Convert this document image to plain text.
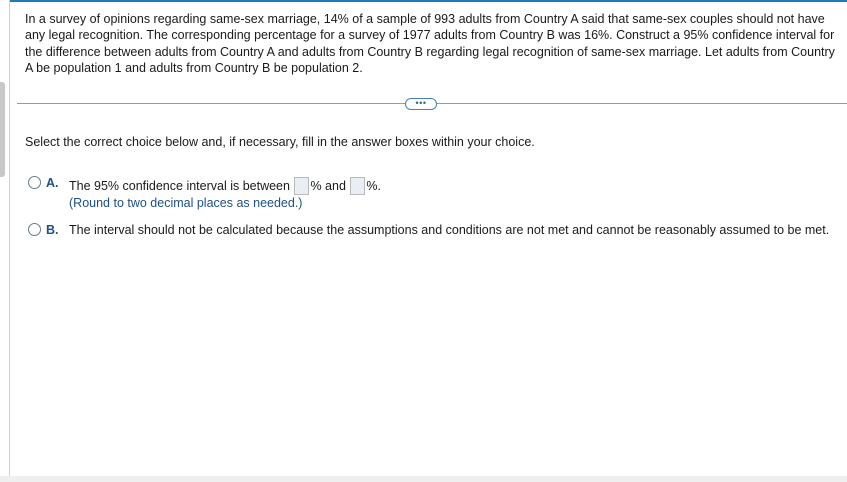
In a survey of opinions regarding same-sex marriage, 14% of a sample of 993 adults from Country A said that same-sex couples should not have any legal recognition. The corresponding percentage for a survey of 1977 adults from Country B was 16%. Construct a 95% confidence interval for the difference between adults from Country A and adults from Country B regarding legal recognition of same-sex marriage. Let adults from Country A be population 1 and adults from Country B be population 2.
•••
Select the correct choice below and, if necessary, fill in the answer boxes within your choice.
A. The 95% confidence interval is between % and %.
(Round to two decimal places as needed.)
B. The interval should not be calculated because the assumptions and conditions are not met and cannot be reasonably assumed to be met.
